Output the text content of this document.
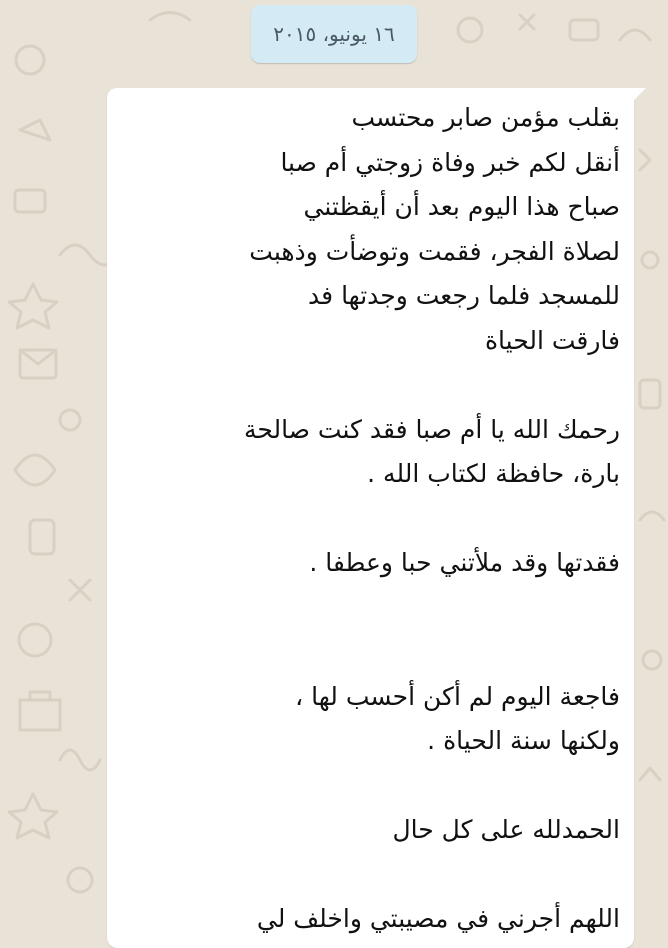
١٦ يونيو، ٢٠١٥
بقلب مؤمن صابر محتسب
أنقل لكم خبر وفاة زوجتي أم صبا
صباح هذا اليوم بعد أن أيقظتني
لصلاة الفجر، فقمت وتوضأت وذهبت
للمسجد فلما رجعت وجدتها فد
فارقت الحياة
رحمك الله يا أم صبا فقد كنت صالحة
بارة، حافظة لكتاب الله .
فقدتها وقد ملأتني حبا وعطفا .
فاجعة اليوم لم أكن أحسب لها ،
ولكنها سنة الحياة .
الحمدلله على كل حال
اللهم أجرني في مصيبتي واخلف لي
